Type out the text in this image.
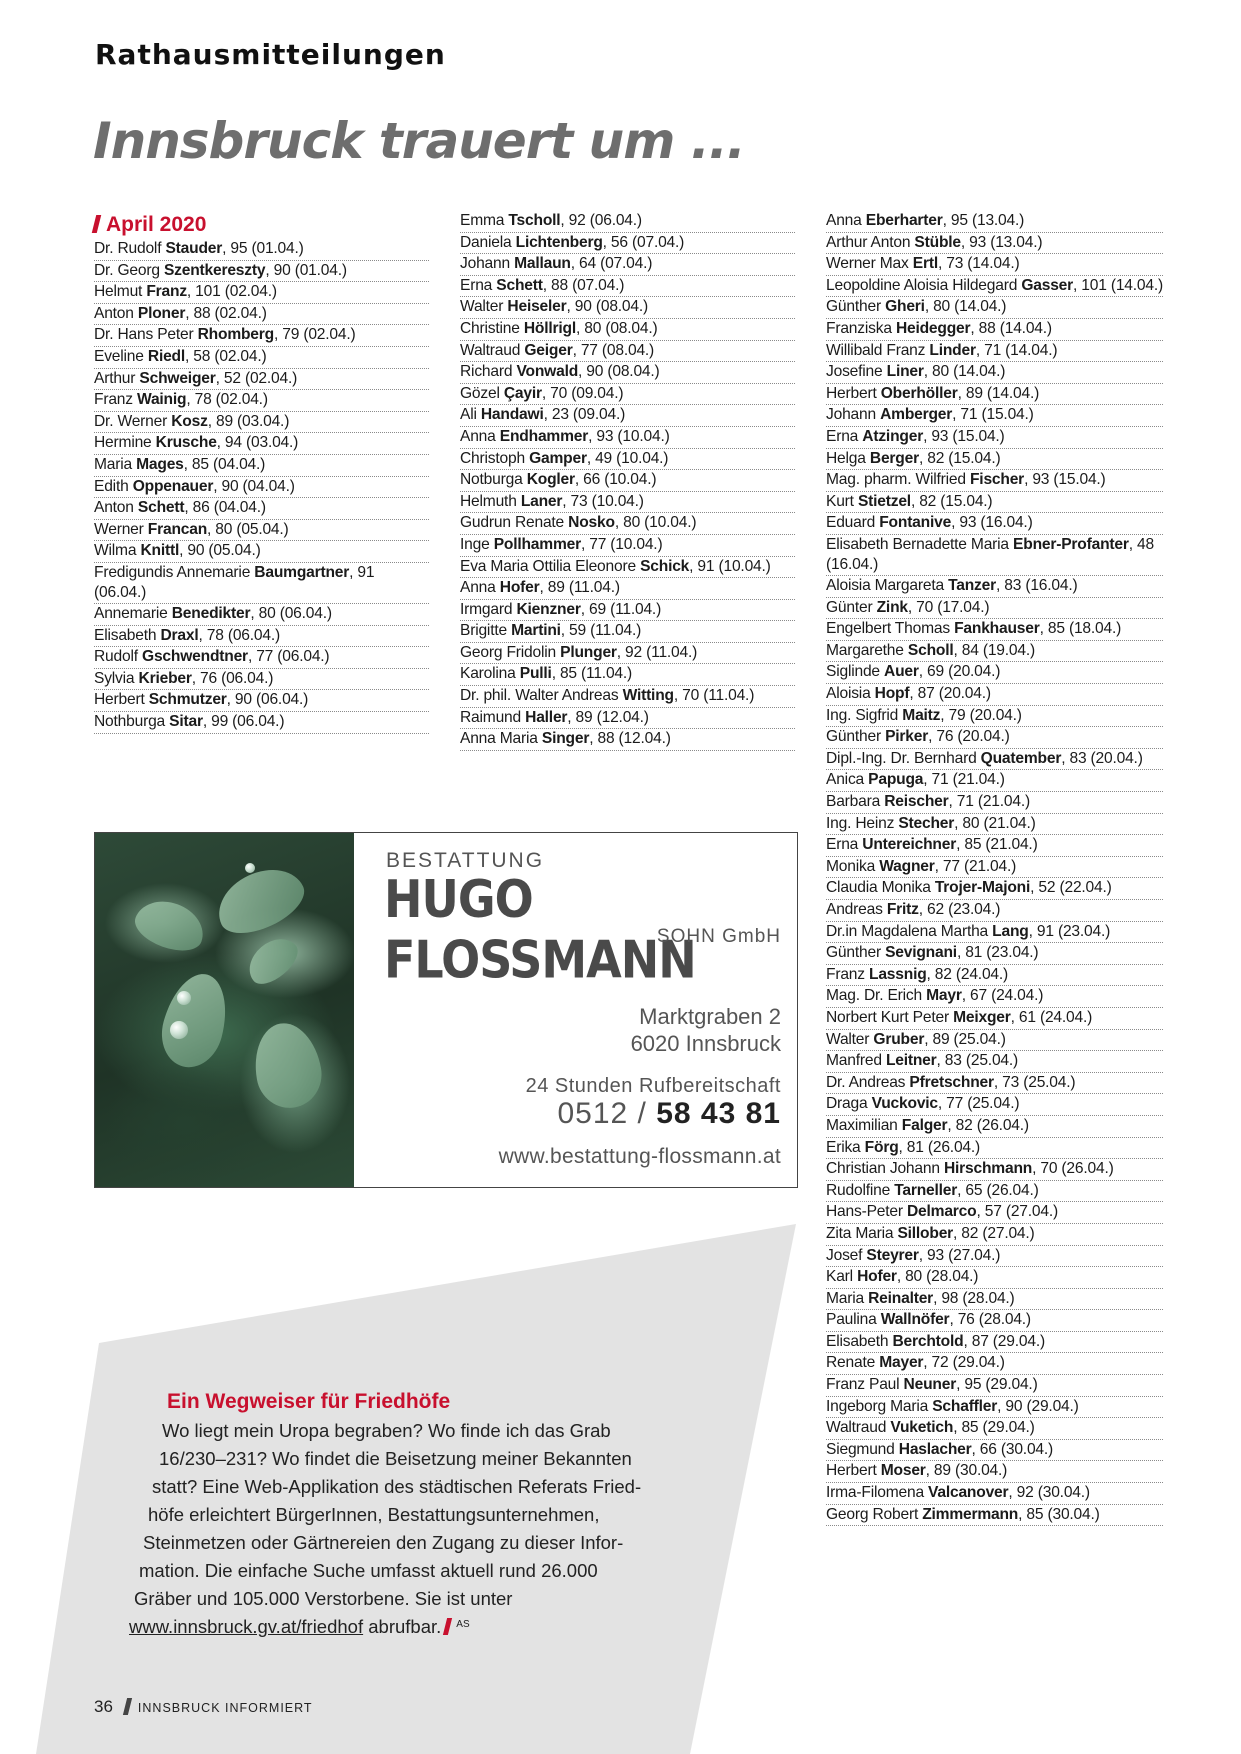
Rathausmitteilungen
Innsbruck trauert um ...
April 2020
Dr. Rudolf Stauder, 95 (01.04.)
Dr. Georg Szentkereszty, 90 (01.04.)
Helmut Franz, 101 (02.04.)
Anton Ploner, 88 (02.04.)
Dr. Hans Peter Rhomberg, 79 (02.04.)
Eveline Riedl, 58 (02.04.)
Arthur Schweiger, 52 (02.04.)
Franz Wainig, 78 (02.04.)
Dr. Werner Kosz, 89 (03.04.)
Hermine Krusche, 94 (03.04.)
Maria Mages, 85 (04.04.)
Edith Oppenauer, 90 (04.04.)
Anton Schett, 86 (04.04.)
Werner Francan, 80 (05.04.)
Wilma Knittl, 90 (05.04.)
Fredigundis Annemarie Baumgartner, 91 (06.04.)
Annemarie Benedikter, 80 (06.04.)
Elisabeth Draxl, 78 (06.04.)
Rudolf Gschwendtner, 77 (06.04.)
Sylvia Krieber, 76 (06.04.)
Herbert Schmutzer, 90 (06.04.)
Nothburga Sitar, 99 (06.04.)
Emma Tscholl, 92 (06.04.)
Daniela Lichtenberg, 56 (07.04.)
Johann Mallaun, 64 (07.04.)
Erna Schett, 88 (07.04.)
Walter Heiseler, 90 (08.04.)
Christine Höllrigl, 80 (08.04.)
Waltraud Geiger, 77 (08.04.)
Richard Vonwald, 90 (08.04.)
Gözel Çayir, 70 (09.04.)
Ali Handawi, 23 (09.04.)
Anna Endhammer, 93 (10.04.)
Christoph Gamper, 49 (10.04.)
Notburga Kogler, 66 (10.04.)
Helmuth Laner, 73 (10.04.)
Gudrun Renate Nosko, 80 (10.04.)
Inge Pollhammer, 77 (10.04.)
Eva Maria Ottilia Eleonore Schick, 91 (10.04.)
Anna Hofer, 89 (11.04.)
Irmgard Kienzner, 69 (11.04.)
Brigitte Martini, 59 (11.04.)
Georg Fridolin Plunger, 92 (11.04.)
Karolina Pulli, 85 (11.04.)
Dr. phil. Walter Andreas Witting, 70 (11.04.)
Raimund Haller, 89 (12.04.)
Anna Maria Singer, 88 (12.04.)
Anna Eberharter, 95 (13.04.)
Arthur Anton Stüble, 93 (13.04.)
Werner Max Ertl, 73 (14.04.)
Leopoldine Aloisia Hildegard Gasser, 101 (14.04.)
Günther Gheri, 80 (14.04.)
Franziska Heidegger, 88 (14.04.)
Willibald Franz Linder, 71 (14.04.)
Josefine Liner, 80 (14.04.)
Herbert Oberhöller, 89 (14.04.)
Johann Amberger, 71 (15.04.)
Erna Atzinger, 93 (15.04.)
Helga Berger, 82 (15.04.)
Mag. pharm. Wilfried Fischer, 93 (15.04.)
Kurt Stietzel, 82 (15.04.)
Eduard Fontanive, 93 (16.04.)
Elisabeth Bernadette Maria Ebner-Profanter, 48 (16.04.)
Aloisia Margareta Tanzer, 83 (16.04.)
Günter Zink, 70 (17.04.)
Engelbert Thomas Fankhauser, 85 (18.04.)
Margarethe Scholl, 84 (19.04.)
Siglinde Auer, 69 (20.04.)
Aloisia Hopf, 87 (20.04.)
Ing. Sigfrid Maitz, 79 (20.04.)
Günther Pirker, 76 (20.04.)
Dipl.-Ing. Dr. Bernhard Quatember, 83 (20.04.)
Anica Papuga, 71 (21.04.)
Barbara Reischer, 71 (21.04.)
Ing. Heinz Stecher, 80 (21.04.)
Erna Untereichner, 85 (21.04.)
Monika Wagner, 77 (21.04.)
Claudia Monika Trojer-Majoni, 52 (22.04.)
Andreas Fritz, 62 (23.04.)
Dr.in Magdalena Martha Lang, 91 (23.04.)
Günther Sevignani, 81 (23.04.)
Franz Lassnig, 82 (24.04.)
Mag. Dr. Erich Mayr, 67 (24.04.)
Norbert Kurt Peter Meixger, 61 (24.04.)
Walter Gruber, 89 (25.04.)
Manfred Leitner, 83 (25.04.)
Dr. Andreas Pfretschner, 73 (25.04.)
Draga Vuckovic, 77 (25.04.)
Maximilian Falger, 82 (26.04.)
Erika Förg, 81 (26.04.)
Christian Johann Hirschmann, 70 (26.04.)
Rudolfine Tarneller, 65 (26.04.)
Hans-Peter Delmarco, 57 (27.04.)
Zita Maria Sillober, 82 (27.04.)
Josef Steyrer, 93 (27.04.)
Karl Hofer, 80 (28.04.)
Maria Reinalter, 98 (28.04.)
Paulina Wallnöfer, 76 (28.04.)
Elisabeth Berchtold, 87 (29.04.)
Renate Mayer, 72 (29.04.)
Franz Paul Neuner, 95 (29.04.)
Ingeborg Maria Schaffler, 90 (29.04.)
Waltraud Vuketich, 85 (29.04.)
Siegmund Haslacher, 66 (30.04.)
Herbert Moser, 89 (30.04.)
Irma-Filomena Valcanover, 92 (30.04.)
Georg Robert Zimmermann, 85 (30.04.)
BESTATTUNG
HUGO FLOSSMANN
SOHN GmbH
Marktgraben 2
6020 Innsbruck
24 Stunden Rufbereitschaft
0512 / 58 43 81
www.bestattung-flossmann.at
Ein Wegweiser für Friedhöfe
Wo liegt mein Uropa begraben? Wo finde ich das Grab
16/230–231? Wo findet die Beisetzung meiner Bekannten
statt? Eine Web-Applikation des städtischen Referats Fried-
höfe erleichtert BürgerInnen, Bestattungsunternehmen,
Steinmetzen oder Gärtnereien den Zugang zu dieser Infor-
mation. Die einfache Suche umfasst aktuell rund 26.000
Gräber und 105.000 Verstorbene. Sie ist unter
www.innsbruck.gv.at/friedhof abrufbar. $^{AS}$
36 INNSBRUCK INFORMIERT
